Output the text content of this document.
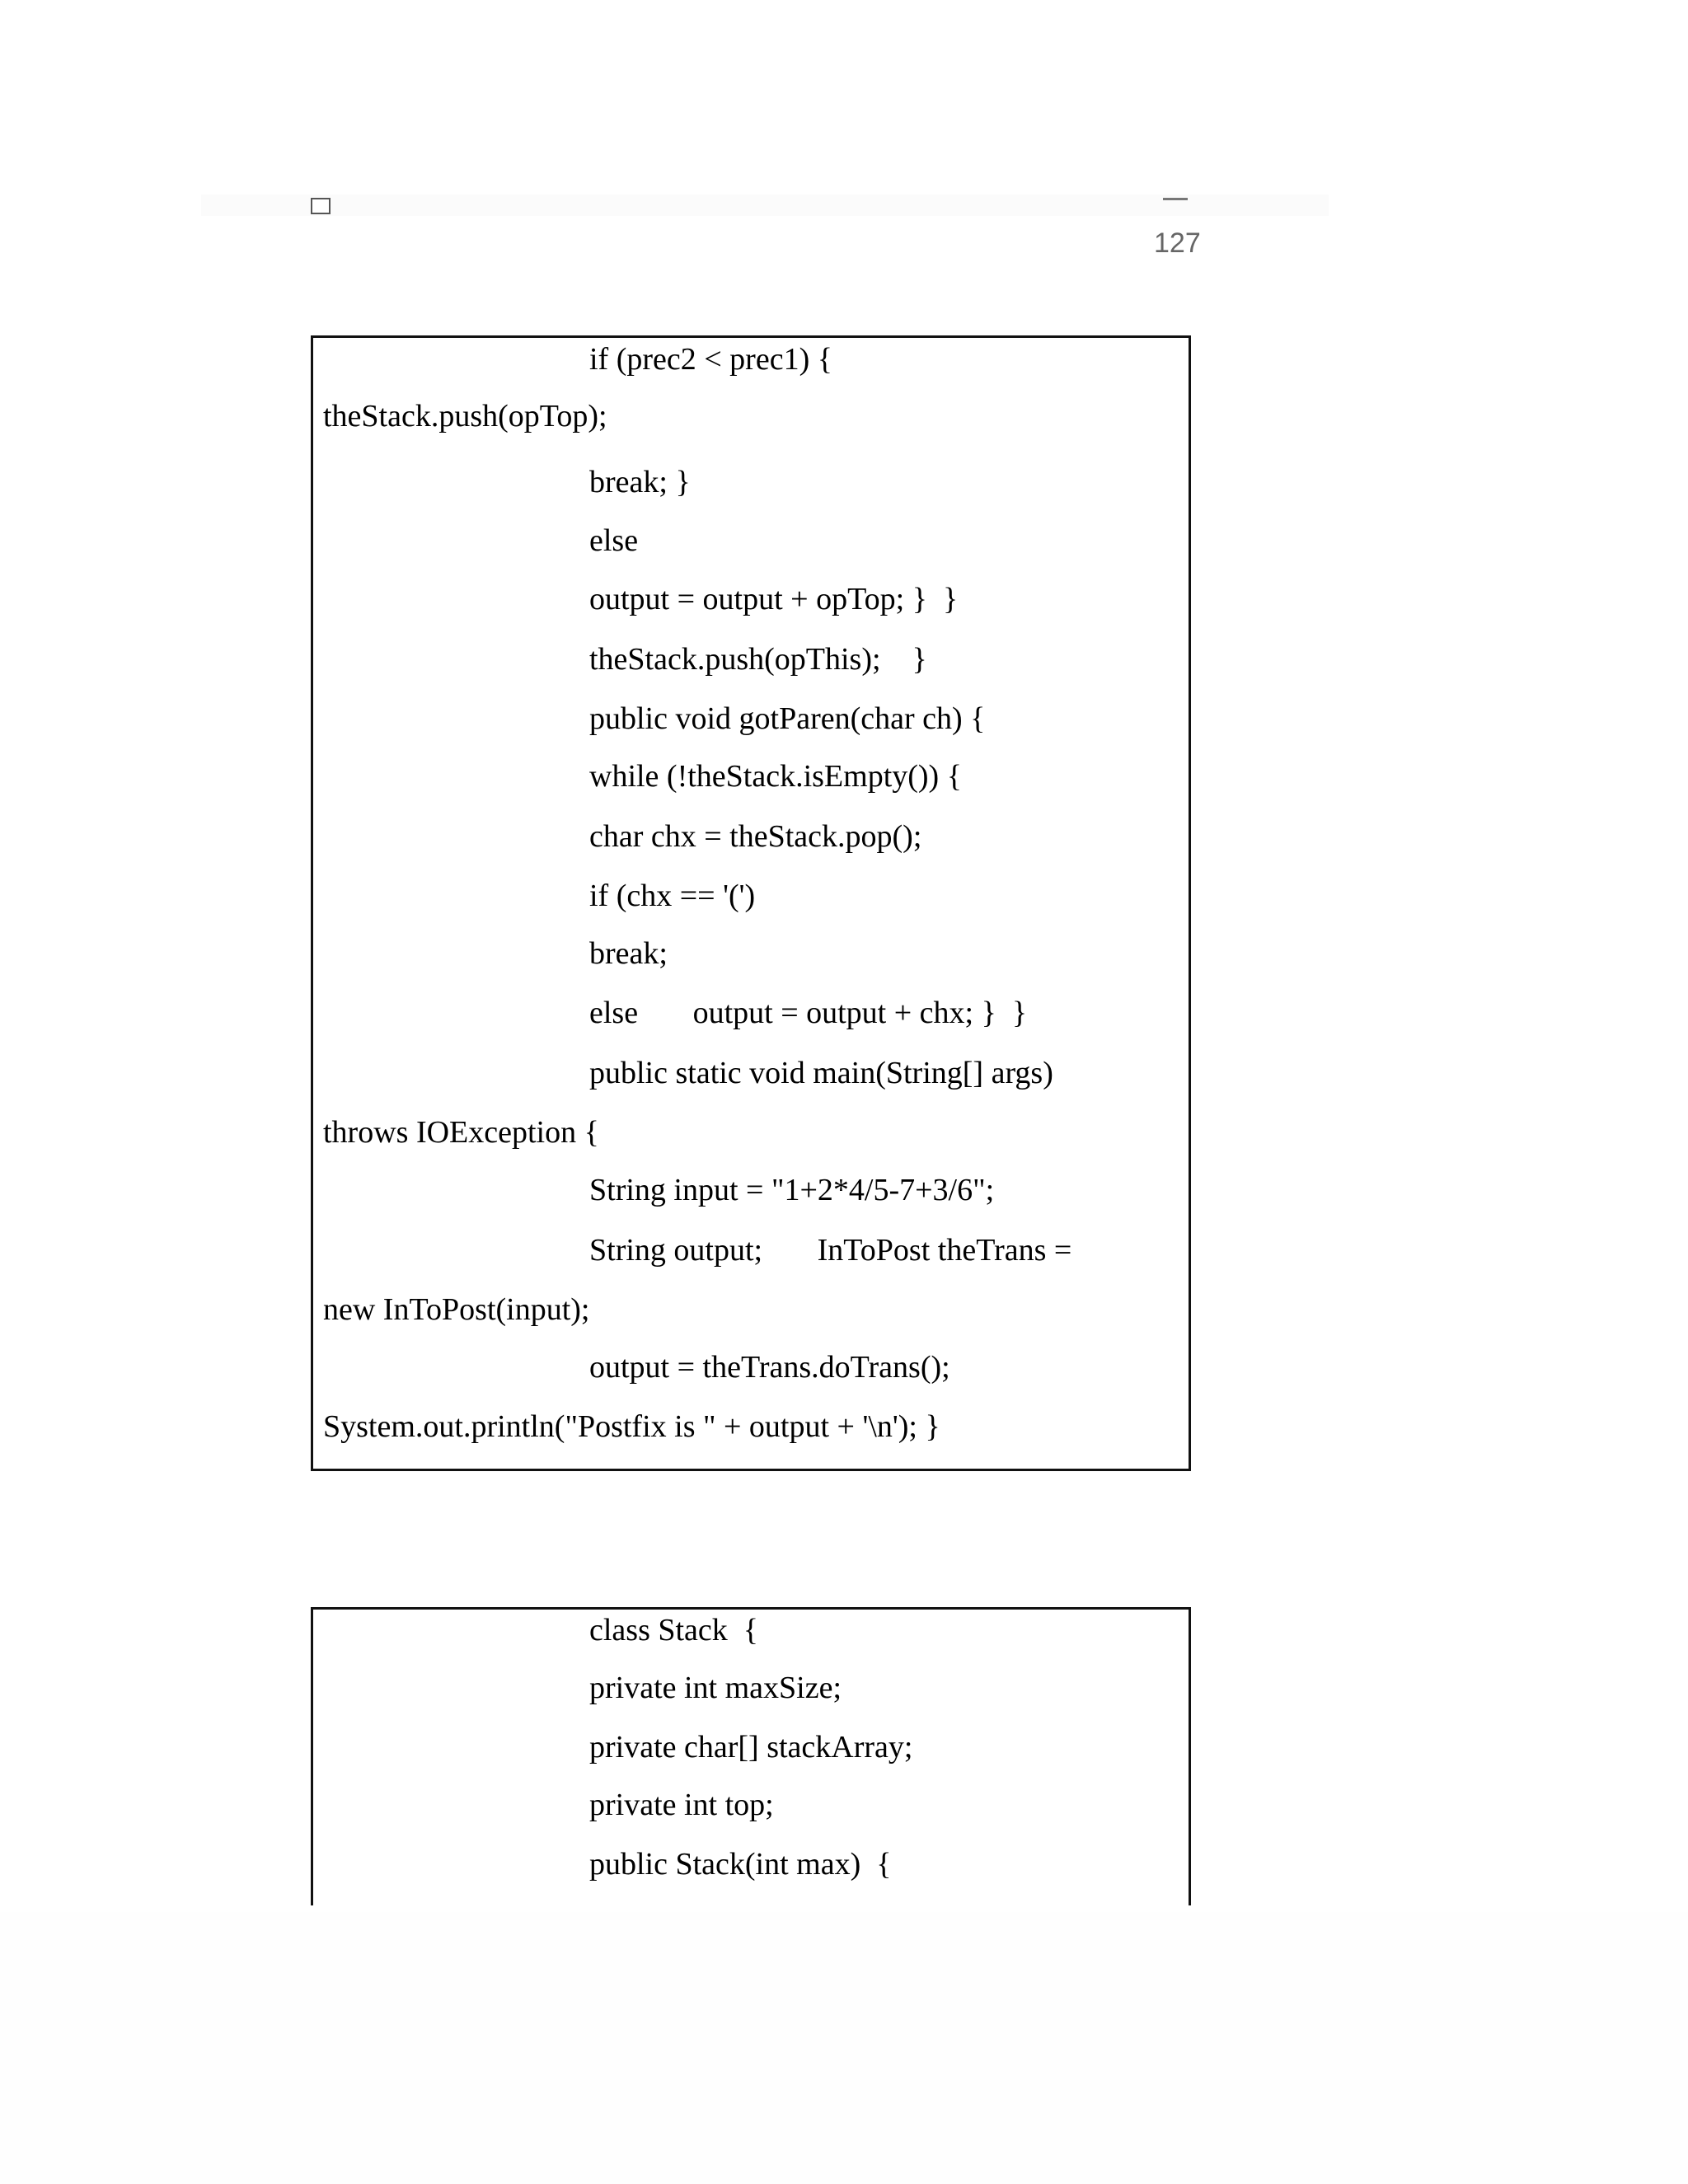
127
if (prec2 < prec1) {
theStack.push(opTop);
break; }
else
output = output + opTop; }  }
theStack.push(opThis);    }
public void gotParen(char ch) {
while (!theStack.isEmpty()) {
char chx = theStack.pop();
if (chx == '(')
break;
else       output = output + chx; }  }
public static void main(String[] args)
throws IOException {
String input = "1+2*4/5-7+3/6";
String output;       InToPost theTrans =
new InToPost(input);
output = theTrans.doTrans();
System.out.println("Postfix is " + output + '\n'); }
class Stack  {
private int maxSize;
private char[] stackArray;
private int top;
public Stack(int max)  {
